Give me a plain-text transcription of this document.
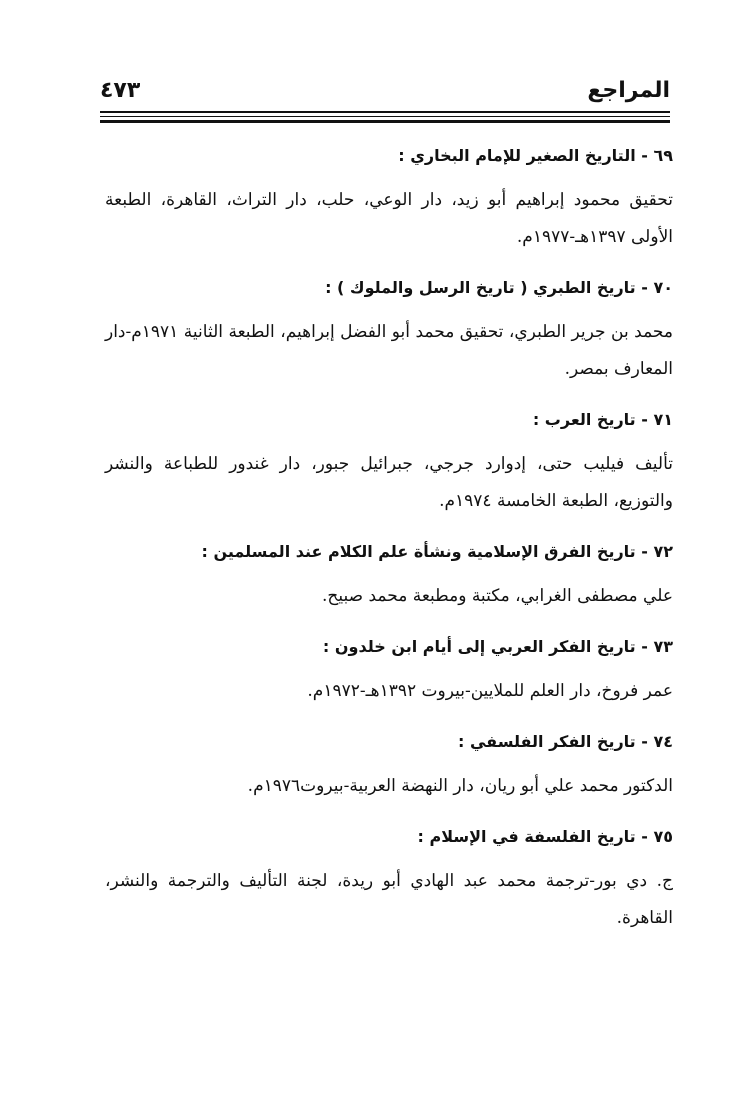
المراجع
٤٧٣

٦٩ - التاريخ الصغير للإمام البخاري :

تحقيق محمود إبراهيم أبو زيد، دار الوعي، حلب، دار التراث، القاهرة، الطبعة الأولى ١٣٩٧هـ-١٩٧٧م.

٧٠ - تاريخ الطبري ( تاريخ الرسل والملوك ) :

محمد بن جرير الطبري، تحقيق محمد أبو الفضل إبراهيم، الطبعة الثانية ١٩٧١م-دار المعارف بمصر.

٧١ - تاريخ العرب :

تأليف فيليب حتى، إدوارد جرجي، جبرائيل جبور، دار غندور للطباعة والنشر والتوزيع، الطبعة الخامسة ١٩٧٤م.

٧٢ - تاريخ الفرق الإسلامية ونشأة علم الكلام عند المسلمين :

علي مصطفى الغرابي، مكتبة ومطبعة محمد صبيح.

٧٣ - تاريخ الفكر العربي إلى أيام ابن خلدون :

عمر فروخ، دار العلم للملايين-بيروت ١٣٩٢هـ-١٩٧٢م.

٧٤ - تاريخ الفكر الفلسفي :

الدكتور محمد علي أبو ريان، دار النهضة العربية-بيروت١٩٧٦م.

٧٥ - تاريخ الفلسفة في الإسلام :

ج. دي بور-ترجمة محمد عبد الهادي أبو ريدة، لجنة التأليف والترجمة والنشر، القاهرة.
